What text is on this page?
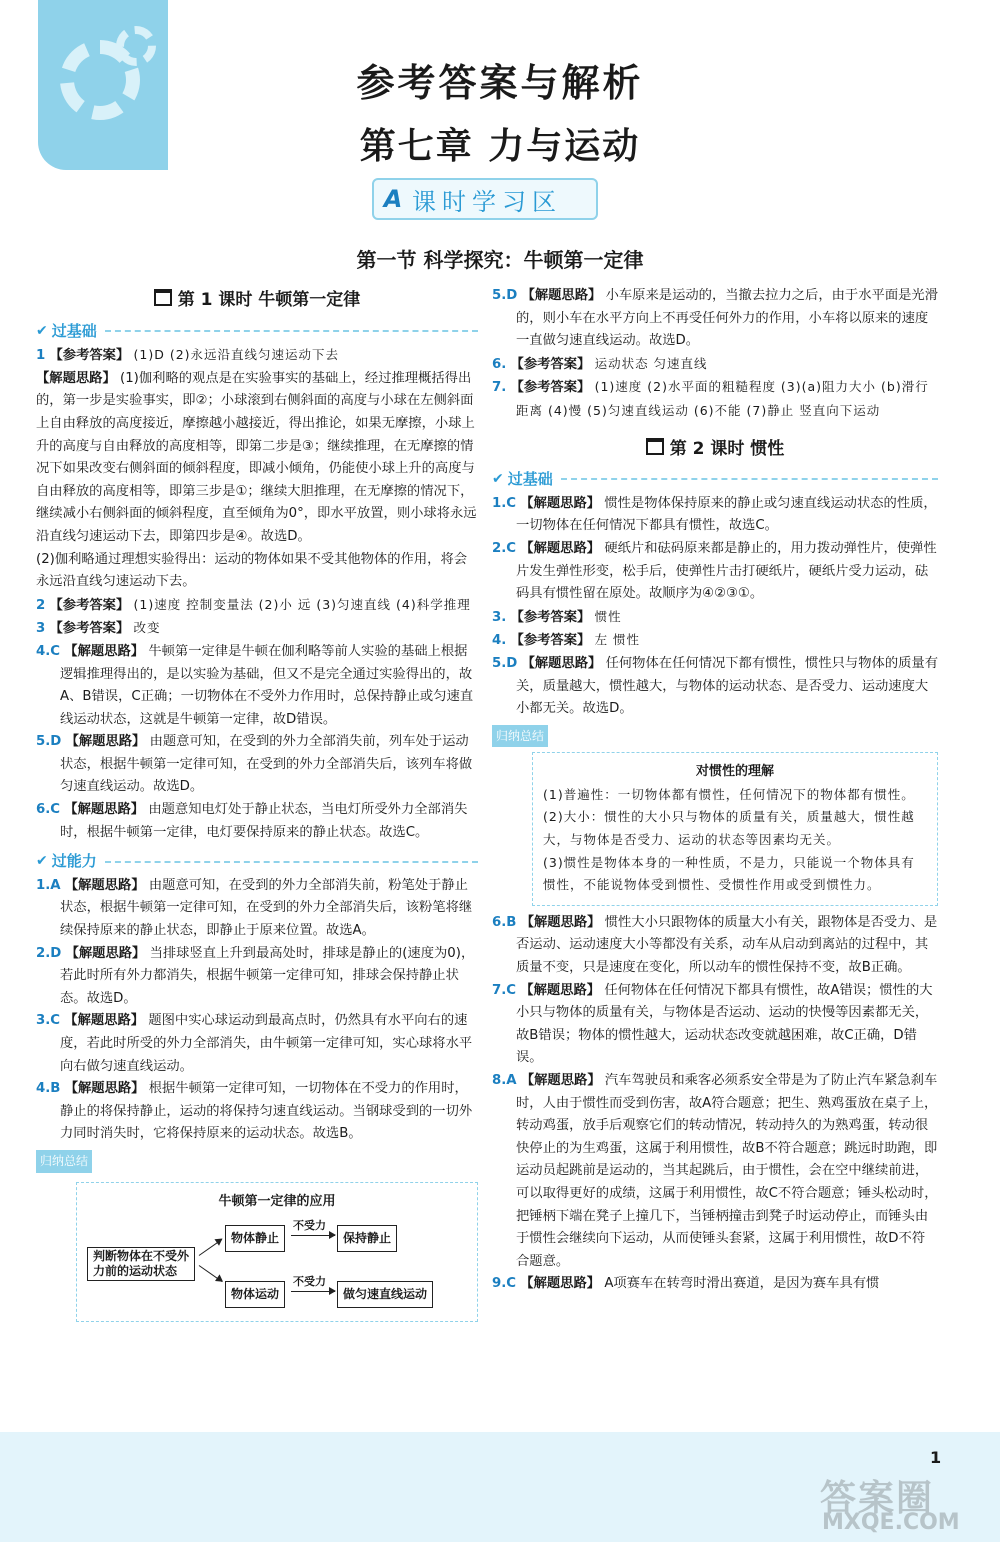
参考答案与解析
第七章 力与运动
A 课时学习区
第一节 科学探究：牛顿第一定律
第 1 课时 牛顿第一定律
✔ 过基础

1 【参考答案】 (1)D (2)永远沿直线匀速运动下去

【解题思路】 (1)伽利略的观点是在实验事实的基础上，经过推理概括得出的，第一步是实验事实，即②；小球滚到右侧斜面的高度与小球在左侧斜面上自由释放的高度接近，摩擦越小越接近，得出推论，如果无摩擦，小球上升的高度与自由释放的高度相等，即第二步是③；继续推理，在无摩擦的情况下如果改变右侧斜面的倾斜程度，即减小倾角，仍能使小球上升的高度与自由释放的高度相等，即第三步是①；继续大胆推理，在无摩擦的情况下，继续减小右侧斜面的倾斜程度，直至倾角为0°，即水平放置，则小球将永远沿直线匀速运动下去，即第四步是④。故选D。

(2)伽利略通过理想实验得出：运动的物体如果不受其他物体的作用，将会永远沿直线匀速运动下去。

2 【参考答案】 (1)速度 控制变量法 (2)小 远 (3)匀速直线 (4)科学推理

3 【参考答案】 改变

4.C 【解题思路】 牛顿第一定律是牛顿在伽利略等前人实验的基础上根据逻辑推理得出的，是以实验为基础，但又不是完全通过实验得出的，故A、B错误，C正确；一切物体在不受外力作用时，总保持静止或匀速直线运动状态，这就是牛顿第一定律，故D错误。

5.D 【解题思路】 由题意可知，在受到的外力全部消失前，列车处于运动状态，根据牛顿第一定律可知，在受到的外力全部消失后，该列车将做匀速直线运动。故选D。

6.C 【解题思路】 由题意知电灯处于静止状态，当电灯所受外力全部消失时，根据牛顿第一定律，电灯要保持原来的静止状态。故选C。

✔ 过能力

1.A 【解题思路】 由题意可知，在受到的外力全部消失前，粉笔处于静止状态，根据牛顿第一定律可知，在受到的外力全部消失后，该粉笔将继续保持原来的静止状态，即静止于原来位置。故选A。

2.D 【解题思路】 当排球竖直上升到最高处时，排球是静止的(速度为0)，若此时所有外力都消失，根据牛顿第一定律可知，排球会保持静止状态。故选D。

3.C 【解题思路】 题图中实心球运动到最高点时，仍然具有水平向右的速度，若此时所受的外力全部消失，由牛顿第一定律可知，实心球将水平向右做匀速直线运动。

4.B 【解题思路】 根据牛顿第一定律可知，一切物体在不受力的作用时，静止的将保持静止，运动的将保持匀速直线运动。当钢球受到的一切外力同时消失时，它将保持原来的运动状态。故选B。

归纳总结
牛顿第一定律的应用
判断物体在不受外
力前的运动状态
物体静止
物体运动
不受力
不受力
保持静止
做匀速直线运动

5.D 【解题思路】 小车原来是运动的，当撤去拉力之后，由于水平面是光滑的，则小车在水平方向上不再受任何外力的作用，小车将以原来的速度一直做匀速直线运动。故选D。

6. 【参考答案】 运动状态 匀速直线

7. 【参考答案】 (1)速度 (2)水平面的粗糙程度 (3)(a)阻力大小 (b)滑行距离 (4)慢 (5)匀速直线运动 (6)不能 (7)静止 竖直向下运动

第 2 课时 惯性
✔ 过基础

1.C 【解题思路】 惯性是物体保持原来的静止或匀速直线运动状态的性质，一切物体在任何情况下都具有惯性，故选C。

2.C 【解题思路】 硬纸片和砝码原来都是静止的，用力拨动弹性片，使弹性片发生弹性形变，松手后，使弹性片击打硬纸片，硬纸片受力运动，砝码具有惯性留在原处。故顺序为④②③①。

3. 【参考答案】 惯性

4. 【参考答案】 左 惯性

5.D 【解题思路】 任何物体在任何情况下都有惯性，惯性只与物体的质量有关，质量越大，惯性越大，与物体的运动状态、是否受力、运动速度大小都无关。故选D。

归纳总结
对惯性的理解

(1)普遍性：一切物体都有惯性，任何情况下的物体都有惯性。

(2)大小：惯性的大小只与物体的质量有关，质量越大，惯性越大，与物体是否受力、运动的状态等因素均无关。

(3)惯性是物体本身的一种性质，不是力，只能说一个物体具有惯性，不能说物体受到惯性、受惯性作用或受到惯性力。

6.B 【解题思路】 惯性大小只跟物体的质量大小有关，跟物体是否受力、是否运动、运动速度大小等都没有关系，动车从启动到离站的过程中，其质量不变，只是速度在变化，所以动车的惯性保持不变，故B正确。

7.C 【解题思路】 任何物体在任何情况下都具有惯性，故A错误；惯性的大小只与物体的质量有关，与物体是否运动、运动的快慢等因素都无关，故B错误；物体的惯性越大，运动状态改变就越困难，故C正确，D错误。

8.A 【解题思路】 汽车驾驶员和乘客必须系安全带是为了防止汽车紧急刹车时，人由于惯性而受到伤害，故A符合题意；把生、熟鸡蛋放在桌子上，转动鸡蛋，放手后观察它们的转动情况，转动持久的为熟鸡蛋，转动很快停止的为生鸡蛋，这属于利用惯性，故B不符合题意；跳远时助跑，即运动员起跳前是运动的，当其起跳后，由于惯性，会在空中继续前进，可以取得更好的成绩，这属于利用惯性，故C不符合题意；锤头松动时，把锤柄下端在凳子上撞几下，当锤柄撞击到凳子时运动停止，而锤头由于惯性会继续向下运动，从而使锤头套紧，这属于利用惯性，故D不符合题意。

9.C 【解题思路】 A项赛车在转弯时滑出赛道，是因为赛车具有惯

1
答案圈
MXQE.COM
